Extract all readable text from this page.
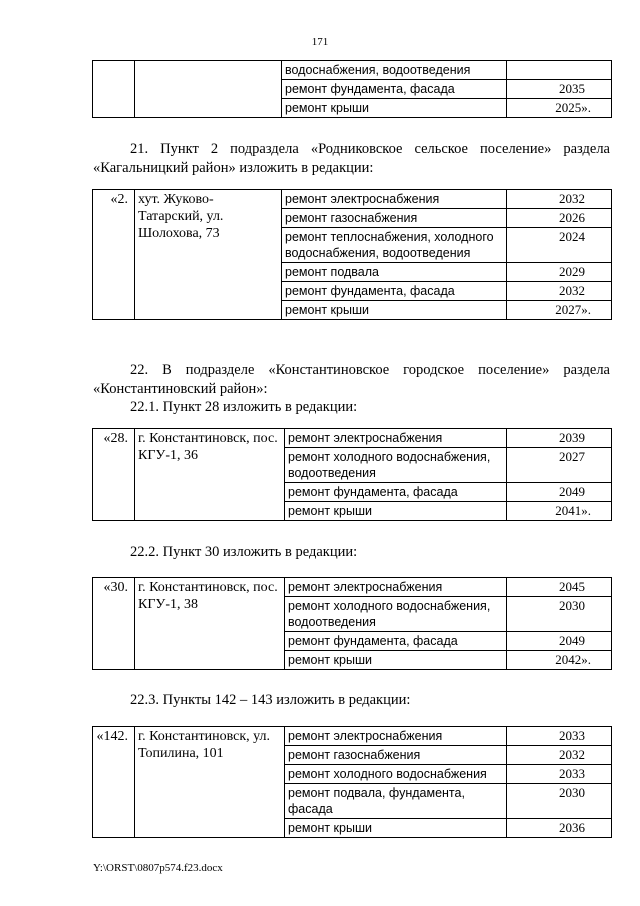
171
		водоснабжения, водоотведения	
		ремонт фундамента, фасада	2035
		ремонт крыши	2025».
21. Пункт 2 подраздела «Родниковское сельское поселение» раздела «Кагальницкий район» изложить в редакции:
«2.	хут. Жуково-Татарский, ул. Шолохова, 73	ремонт электроснабжения	2032
		ремонт газоснабжения	2026
		ремонт теплоснабжения, холодного водоснабжения, водоотведения	2024
		ремонт подвала	2029
		ремонт фундамента, фасада	2032
		ремонт крыши	2027».
22. В подразделе «Константиновское городское поселение» раздела «Константиновский район»:
22.1. Пункт 28 изложить в редакции:
«28.	г. Константиновск, пос. КГУ-1, 36	ремонт электроснабжения	2039
		ремонт холодного водоснабжения, водоотведения	2027
		ремонт фундамента, фасада	2049
		ремонт крыши	2041».
22.2. Пункт 30 изложить в редакции:
«30.	г. Константиновск, пос. КГУ-1, 38	ремонт электроснабжения	2045
		ремонт холодного водоснабжения, водоотведения	2030
		ремонт фундамента, фасада	2049
		ремонт крыши	2042».
22.3. Пункты 142 – 143 изложить в редакции:
«142.	г. Константиновск, ул. Топилина, 101	ремонт электроснабжения	2033
		ремонт газоснабжения	2032
		ремонт холодного водоснабжения	2033
		ремонт подвала, фундамента, фасада	2030
		ремонт крыши	2036
Y:\ORST\0807p574.f23.docx
